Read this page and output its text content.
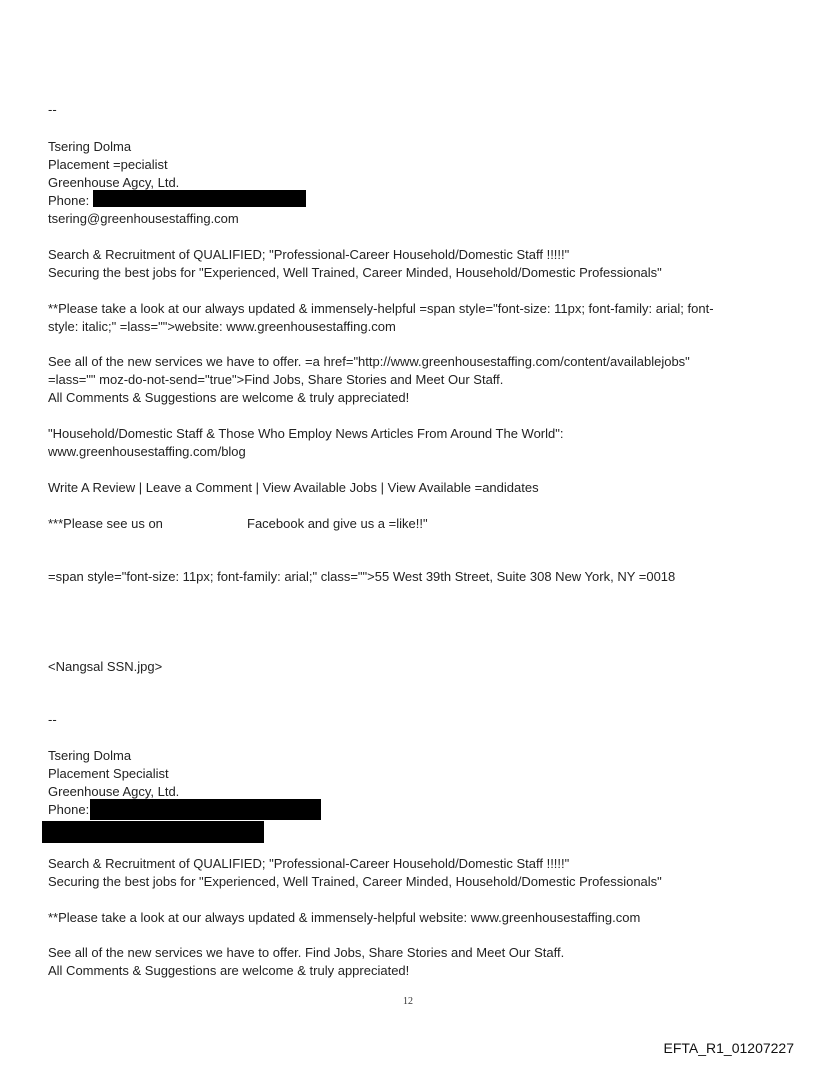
--
Tsering Dolma
Placement =pecialist
Greenhouse Agcy, Ltd.
Phone:
tsering@greenhousestaffing.com
Search & Recruitment of QUALIFIED; "Professional-Career Household/Domestic Staff !!!!!"
Securing the best jobs for "Experienced, Well Trained, Career Minded, Household/Domestic Professionals"
**Please take a look at our always updated & immensely-helpful =span style="font-size: 11px; font-family: arial; font-
style: italic;" =lass="">website: www.greenhousestaffing.com
See all of the new services we have to offer. =a href="http://www.greenhousestaffing.com/content/availablejobs"
=lass="" moz-do-not-send="true">Find Jobs, Share Stories and Meet Our Staff.
All Comments & Suggestions are welcome & truly appreciated!
"Household/Domestic Staff & Those Who Employ News Articles From Around The World":
www.greenhousestaffing.com/blog
Write A Review | Leave a Comment | View Available Jobs | View Available =andidates
***Please see us on	Facebook and give us a =like!!"
=span style="font-size: 11px; font-family: arial;" class="">55 West 39th Street, Suite 308 New York, NY =0018
<Nangsal SSN.jpg>
--
Tsering Dolma
Placement Specialist
Greenhouse Agcy, Ltd.
Phone:
Search & Recruitment of QUALIFIED; "Professional-Career Household/Domestic Staff !!!!!"
Securing the best jobs for "Experienced, Well Trained, Career Minded, Household/Domestic Professionals"
**Please take a look at our always updated & immensely-helpful website: www.greenhousestaffing.com
See all of the new services we have to offer. Find Jobs, Share Stories and Meet Our Staff.
All Comments & Suggestions are welcome & truly appreciated!
12
EFTA_R1_01207227
